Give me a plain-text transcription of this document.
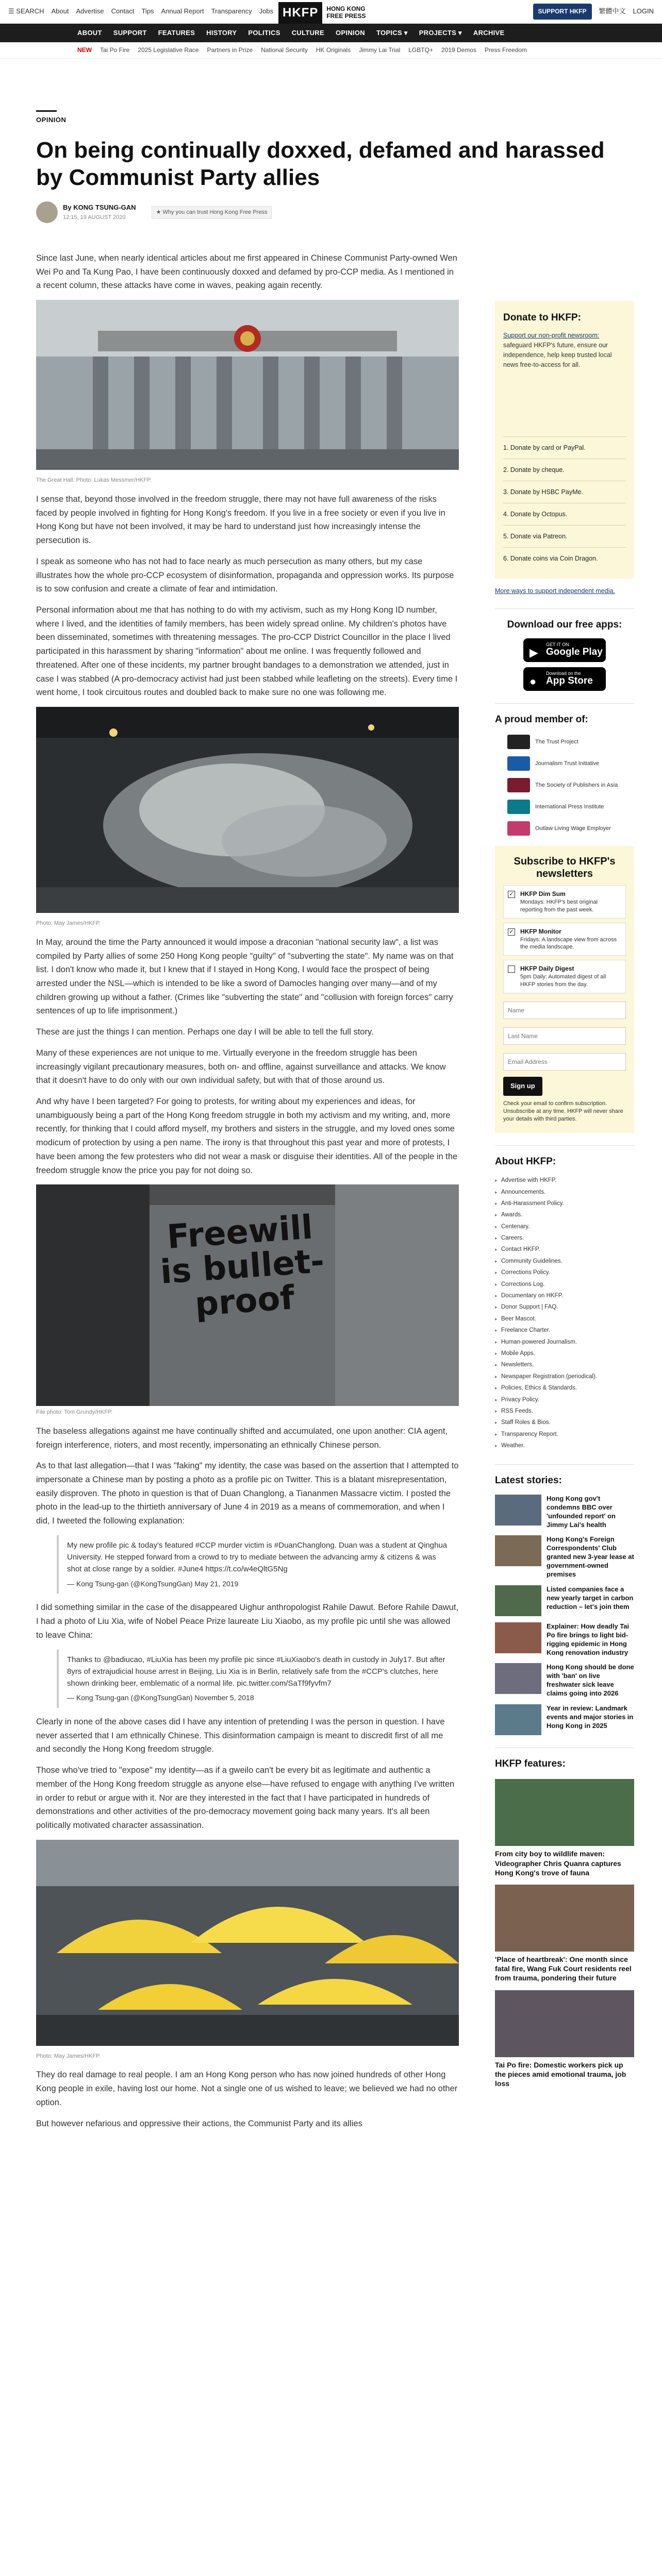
☰ SEARCH About Advertise Contact Tips Annual Report Transparency Jobs HKFP	HONG KONG
FREE PRESS
SUPPORT HKFP	繁體中文 LOGIN
ABOUT SUPPORT FEATURES HISTORY POLITICS CULTURE OPINION TOPICS ▾ PROJECTS ▾ ARCHIVE
NEW Tai Po Fire 2025 Legislative Race Partners in Prize National Security HK Originals Jimmy Lai Trial LGBTQ+ 2019 Demos Press Freedom
OPINION
On being continually doxxed, defamed and harassed by Communist Party allies
By KONG TSUNG-GAN
12:15, 19 AUGUST 2020
★ Why you can trust Hong Kong Free Press

Since last June, when nearly identical articles about me first appeared in Chinese Communist Party-owned Wen Wei Po and Ta Kung Pao, I have been continuously doxxed and defamed by pro-CCP media. As I mentioned in a recent column, these attacks have come in waves, peaking again recently.

The Great Hall. Photo: Lukas Messmer/HKFP.

I sense that, beyond those involved in the freedom struggle, there may not have full awareness of the risks faced by people involved in fighting for Hong Kong's freedom. If you live in a free society or even if you live in Hong Kong but have not been involved, it may be hard to understand just how increasingly intense the persecution is.

I speak as someone who has not had to face nearly as much persecution as many others, but my case illustrates how the whole pro-CCP ecosystem of disinformation, propaganda and oppression works. Its purpose is to sow confusion and create a climate of fear and intimidation.

Personal information about me that has nothing to do with my activism, such as my Hong Kong ID number, where I lived, and the identities of family members, has been widely spread online. My children's photos have been disseminated, sometimes with threatening messages. The pro-CCP District Councillor in the place I lived participated in this harassment by sharing "information" about me online. I was frequently followed and threatened. After one of these incidents, my partner brought bandages to a demonstration we attended, just in case I was stabbed (A pro-democracy activist had just been stabbed while leafleting on the streets). Every time I went home, I took circuitous routes and doubled back to make sure no one was following me.

Photo: May James/HKFP.

In May, around the time the Party announced it would impose a draconian "national security law", a list was compiled by Party allies of some 250 Hong Kong people "guilty" of "subverting the state". My name was on that list. I don't know who made it, but I knew that if I stayed in Hong Kong, I would face the prospect of being arrested under the NSL—which is intended to be like a sword of Damocles hanging over many—and of my children growing up without a father. (Crimes like "subverting the state" and "collusion with foreign forces" carry sentences of up to life imprisonment.)

These are just the things I can mention. Perhaps one day I will be able to tell the full story.

Many of these experiences are not unique to me. Virtually everyone in the freedom struggle has been increasingly vigilant precautionary measures, both on- and offline, against surveillance and attacks. We know that it doesn't have to do only with our own individual safety, but with that of those around us.

And why have I been targeted? For going to protests, for writing about my experiences and ideas, for unambiguously being a part of the Hong Kong freedom struggle in both my activism and my writing, and, more recently, for thinking that I could afford myself, my brothers and sisters in the struggle, and my loved ones some modicum of protection by using a pen name. The irony is that throughout this past year and more of protests, I have been among the few protesters who did not wear a mask or disguise their identities. All of the people in the freedom struggle know the price you pay for not doing so.

Freewill is bullet-proof
File photo: Tom Grundy/HKFP.

The baseless allegations against me have continually shifted and accumulated, one upon another: CIA agent, foreign interference, rioters, and most recently, impersonating an ethnically Chinese person.

As to that last allegation—that I was "faking" my identity, the case was based on the assertion that I attempted to impersonate a Chinese man by posting a photo as a profile pic on Twitter. This is a blatant misrepresentation, easily disproven. The photo in question is that of Duan Changlong, a Tiananmen Massacre victim. I posted the photo in the lead-up to the thirtieth anniversary of June 4 in 2019 as a means of commemoration, and when I did, I tweeted the following explanation:

My new profile pic & today's featured #CCP murder victim is #DuanChanglong. Duan was a student at Qinghua University. He stepped forward from a crowd to try to mediate between the advancing army & citizens & was shot at close range by a soldier. #June4 https://t.co/w4eQltG5Ng
— Kong Tsung-gan (@KongTsungGan) May 21, 2019

I did something similar in the case of the disappeared Uighur anthropologist Rahile Dawut. Before Rahile Dawut, I had a photo of Liu Xia, wife of Nobel Peace Prize laureate Liu Xiaobo, as my profile pic until she was allowed to leave China:

Thanks to @badiucao, #LiuXia has been my profile pic since #LiuXiaobo's death in custody in July17. But after 8yrs of extrajudicial house arrest in Beijing, Liu Xia is in Berlin, relatively safe from the #CCP's clutches, here shown drinking beer, emblematic of a normal life. pic.twitter.com/SaTf9fyvfm7
— Kong Tsung-gan (@KongTsungGan) November 5, 2018

Clearly in none of the above cases did I have any intention of pretending I was the person in question. I have never asserted that I am ethnically Chinese. This disinformation campaign is meant to discredit first of all me and secondly the Hong Kong freedom struggle.

Those who've tried to "expose" my identity—as if a gweilo can't be every bit as legitimate and authentic a member of the Hong Kong freedom struggle as anyone else—have refused to engage with anything I've written in order to rebut or argue with it. Nor are they interested in the fact that I have participated in hundreds of demonstrations and other activities of the pro-democracy movement going back many years. It's all been politically motivated character assassination.

Photo: May James/HKFP.

They do real damage to real people. I am an Hong Kong person who has now joined hundreds of other Hong Kong people in exile, having lost our home. Not a single one of us wished to leave; we believed we had no other option.

But however nefarious and oppressive their actions, the Communist Party and its allies

Donate to HKFP:
Support our non-profit newsroom: safeguard HKFP's future, ensure our independence, help keep trusted local news free-to-access for all.
1. Donate by card or PayPal.
2. Donate by cheque.
3. Donate by HSBC PayMe.
4. Donate by Octopus.
5. Donate via Patreon.
6. Donate coins via Coin Dragon.
More ways to support independent media.
Download our free apps:
▶
GET IT ON
Google Play
●
Download on the
App Store
A proud member of:
The Trust Project
Journalism Trust Initiative
The Society of Publishers in Asia
International Press Institute
Outlaw Living Wage Employer
Subscribe to HKFP's newsletters
✓
HKFP Dim Sum
Mondays: HKFP's best original reporting from the past week.
✓
HKFP Monitor
Fridays: A landscape view from across the media landscape.
HKFP Daily Digest
5pm Daily: Automated digest of all HKFP stories from the day.
Name Last Name Email Address
Sign up
Check your email to confirm subscription. Unsubscribe at any time. HKFP will never share your details with third parties.
About HKFP:
▸ Advertise with HKFP.
▸ Announcements.
▸ Anti-Harassment Policy.
▸ Awards.
▸ Centenary.
▸ Careers.
▸ Contact HKFP.
▸ Community Guidelines.
▸ Corrections Policy.
▸ Corrections Log.
▸ Documentary on HKFP.
▸ Donor Support | FAQ.
▸ Beer Mascot.
▸ Freelance Charter.
▸ Human-powered Journalism.
▸ Mobile Apps.
▸ Newsletters.
▸ Newspaper Registration (periodical).
▸ Policies, Ethics & Standards.
▸ Privacy Policy.
▸ RSS Feeds.
▸ Staff Roles & Bios.
▸ Transparency Report.
▸ Weather.
Latest stories:
Hong Kong gov't condemns BBC over 'unfounded report' on Jimmy Lai's health
Hong Kong's Foreign Correspondents' Club granted new 3-year lease at government-owned premises
Listed companies face a new yearly target in carbon reduction – let's join them
Explainer: How deadly Tai Po fire brings to light bid-rigging epidemic in Hong Kong renovation industry
Hong Kong should be done with 'ban' on live freshwater sick leave claims going into 2026
Year in review: Landmark events and major stories in Hong Kong in 2025
HKFP features:
From city boy to wildlife maven: Videographer Chris Quanra captures Hong Kong's trove of fauna
'Place of heartbreak': One month since fatal fire, Wang Fuk Court residents reel from trauma, pondering their future
Tai Po fire: Domestic workers pick up the pieces amid emotional trauma, job loss
